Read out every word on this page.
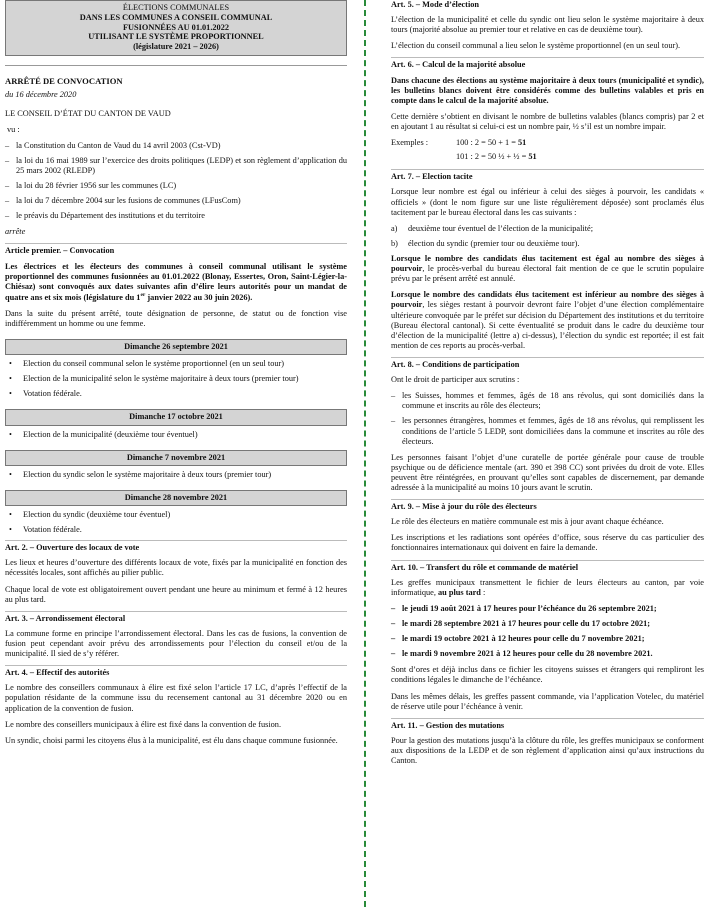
ÉLECTIONS COMMUNALES
DANS LES COMMUNES A CONSEIL COMMUNAL
FUSIONNÉES AU 01.01.2022
UTILISANT LE SYSTÈME PROPORTIONNEL
(législature 2021 – 2026)
ARRÊTÉ DE CONVOCATION

du 16 décembre 2020

LE CONSEIL D’ÉTAT DU CANTON DE VAUD

vu :

– la Constitution du Canton de Vaud du 14 avril 2003 (Cst-VD)
– la loi du 16 mai 1989 sur l’exercice des droits politiques (LEDP) et son règlement d’application du 25 mars 2002 (RLEDP)
– la loi du 28 février 1956 sur les communes (LC)
– la loi du 7 décembre 2004 sur les fusions de communes (LFusCom)
– le préavis du Département des institutions et du territoire

arrête

Article premier. – Convocation

Les électrices et les électeurs des communes à conseil communal utilisant le système proportionnel des communes fusionnées au 01.01.2022 (Blonay, Essertes, Oron, Saint-Légier-la-Chiésaz) sont convoqués aux dates suivantes afin d’élire leurs autorités pour un mandat de quatre ans et six mois (législature du 1er janvier 2022 au 30 juin 2026).

Dans la suite du présent arrêté, toute désignation de personne, de statut ou de fonction vise indifféremment un homme ou une femme.

Dimanche 26 septembre 2021
• Election du conseil communal selon le système proportionnel (en un seul tour)
• Election de la municipalité selon le système majoritaire à deux tours (premier tour)
• Votation fédérale.
Dimanche 17 octobre 2021
• Election de la municipalité (deuxième tour éventuel)
Dimanche 7 novembre 2021
• Election du syndic selon le système majoritaire à deux tours (premier tour)
Dimanche 28 novembre 2021
• Election du syndic (deuxième tour éventuel)
• Votation fédérale.
Art. 2. – Ouverture des locaux de vote

Les lieux et heures d’ouverture des différents locaux de vote, fixés par la municipalité en fonction des nécessités locales, sont affichés au pilier public.

Chaque local de vote est obligatoirement ouvert pendant une heure au minimum et fermé à 12 heures au plus tard.

Art. 3. – Arrondissement électoral

La commune forme en principe l’arrondissement électoral. Dans les cas de fusions, la convention de fusion peut cependant avoir prévu des arrondissements pour l’élection du conseil et/ou de la municipalité. Il sied de s’y référer.

Art. 4. – Effectif des autorités

Le nombre des conseillers communaux à élire est fixé selon l’article 17 LC, d’après l’effectif de la population résidante de la commune issu du recensement cantonal au 31 décembre 2020 ou en application de la convention de fusion.

Le nombre des conseillers municipaux à élire est fixé dans la convention de fusion.

Un syndic, choisi parmi les citoyens élus à la municipalité, est élu dans chaque commune fusionnée.

Art. 5. – Mode d’élection

L’élection de la municipalité et celle du syndic ont lieu selon le système majoritaire à deux tours (majorité absolue au premier tour et relative en cas de deuxième tour).

L’élection du conseil communal a lieu selon le système proportionnel (en un seul tour).

Art. 6. – Calcul de la majorité absolue

Dans chacune des élections au système majoritaire à deux tours (municipalité et syndic), les bulletins blancs doivent être considérés comme des bulletins valables et pris en compte dans le calcul de la majorité absolue.

Cette dernière s’obtient en divisant le nombre de bulletins valables (blancs compris) par 2 et en ajoutant 1 au résultat si celui-ci est un nombre pair, ½ s’il est un nombre impair.

Exemples :	100 : 2 = 50 + 1 = 51
101 : 2 = 50 ½ + ½ = 51
Art. 7. – Election tacite

Lorsque leur nombre est égal ou inférieur à celui des sièges à pourvoir, les candidats « officiels » (dont le nom figure sur une liste régulièrement déposée) sont proclamés élus tacitement par le bureau électoral dans les cas suivants :

a)	deuxième tour éventuel de l’élection de la municipalité;
b)	élection du syndic (premier tour ou deuxième tour).

Lorsque le nombre des candidats élus tacitement est égal au nombre des sièges à pourvoir, le procès-verbal du bureau électoral fait mention de ce que le scrutin populaire prévu par le présent arrêté est annulé.

Lorsque le nombre des candidats élus tacitement est inférieur au nombre des sièges à pourvoir, les sièges restant à pourvoir devront faire l’objet d’une élection complémentaire ultérieure convoquée par le préfet sur décision du Département des institutions et du territoire (Bureau électoral cantonal). Si cette éventualité se produit dans le cadre du deuxième tour d’élection de la municipalité (lettre a) ci-dessus), l’élection du syndic est reportée; il est fait mention de ces reports au procès-verbal.

Art. 8. – Conditions de participation

Ont le droit de participer aux scrutins :

– les Suisses, hommes et femmes, âgés de 18 ans révolus, qui sont domiciliés dans la commune et inscrits au rôle des électeurs;
– les personnes étrangères, hommes et femmes, âgés de 18 ans révolus, qui remplissent les conditions de l’article 5 LEDP, sont domiciliées dans la commune et inscrites au rôle des électeurs.

Les personnes faisant l’objet d’une curatelle de portée générale pour cause de trouble psychique ou de déficience mentale (art. 390 et 398 CC) sont privées du droit de vote. Elles peuvent être réintégrées, en prouvant qu’elles sont capables de discernement, par demande adressée à la municipalité au moins 10 jours avant le scrutin.

Art. 9. – Mise à jour du rôle des électeurs

Le rôle des électeurs en matière communale est mis à jour avant chaque échéance.

Les inscriptions et les radiations sont opérées d’office, sous réserve du cas particulier des fonctionnaires internationaux qui doivent en faire la demande.

Art. 10. – Transfert du rôle et commande de matériel

Les greffes municipaux transmettent le fichier de leurs électeurs au canton, par voie informatique, au plus tard :

– le jeudi 19 août 2021 à 17 heures pour l’échéance du 26 septembre 2021;
– le mardi 28 septembre 2021 à 17 heures pour celle du 17 octobre 2021;
– le mardi 19 octobre 2021 à 12 heures pour celle du 7 novembre 2021;
– le mardi 9 novembre 2021 à 12 heures pour celle du 28 novembre 2021.

Sont d’ores et déjà inclus dans ce fichier les citoyens suisses et étrangers qui rempliront les conditions légales le dimanche de l’échéance.

Dans les mêmes délais, les greffes passent commande, via l’application Votelec, du matériel de réserve utile pour l’échéance à venir.

Art. 11. – Gestion des mutations

Pour la gestion des mutations jusqu’à la clôture du rôle, les greffes municipaux se conforment aux dispositions de la LEDP et de son règlement d’application ainsi qu’aux instructions du Canton.
